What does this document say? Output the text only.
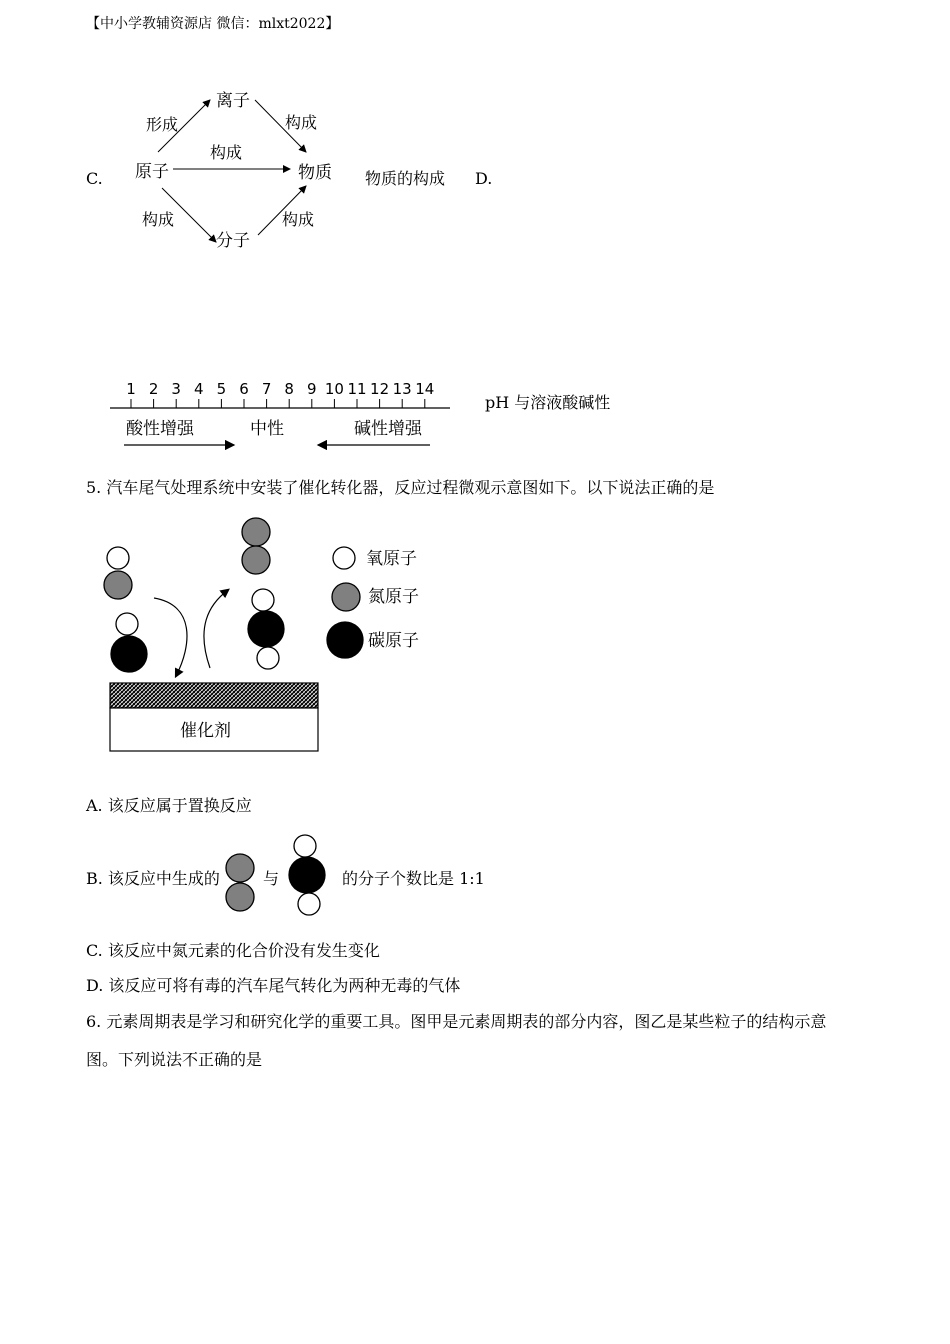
【中小学教辅资源店 微信：mlxt2022】
C. 原子
离子
分子
物质
形成	构成
构成
构成	构成
物质的构成 D.
1 2 3 4 5 6 7 8 9 10 11 12 13 14
酸性增强	中性	碱性增强
pH 与溶液酸碱性
5. 汽车尾气处理系统中安装了催化转化器，反应过程微观示意图如下。以下说法正确的是
催化剂
氧原子
氮原子
碳原子
A. 该反应属于置换反应
B. 该反应中生成的	与	的分子个数比是 1:1
C. 该反应中氮元素的化合价没有发生变化
D. 该反应可将有毒的汽车尾气转化为两种无毒的气体
6. 元素周期表是学习和研究化学的重要工具。图甲是元素周期表的部分内容，图乙是某些粒子的结构示意
图。下列说法不正确的是
